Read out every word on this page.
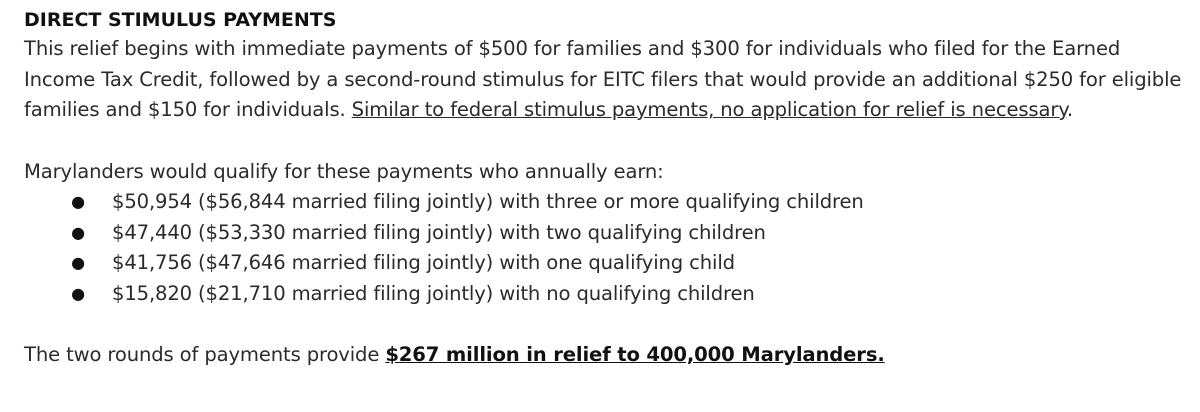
DIRECT STIMULUS PAYMENTS

This relief begins with immediate payments of $500 for families and $300 for individuals who filed for the Earned Income Tax Credit, followed by a second-round stimulus for EITC filers that would provide an additional $250 for eligible families and $150 for individuals. Similar to federal stimulus payments, no application for relief is necessary.

Marylanders would qualify for these payments who annually earn:

● $50,954 ($56,844 married filing jointly) with three or more qualifying children
● $47,440 ($53,330 married filing jointly) with two qualifying children
● $41,756 ($47,646 married filing jointly) with one qualifying child
● $15,820 ($21,710 married filing jointly) with no qualifying children

The two rounds of payments provide $267 million in relief to 400,000 Marylanders.
